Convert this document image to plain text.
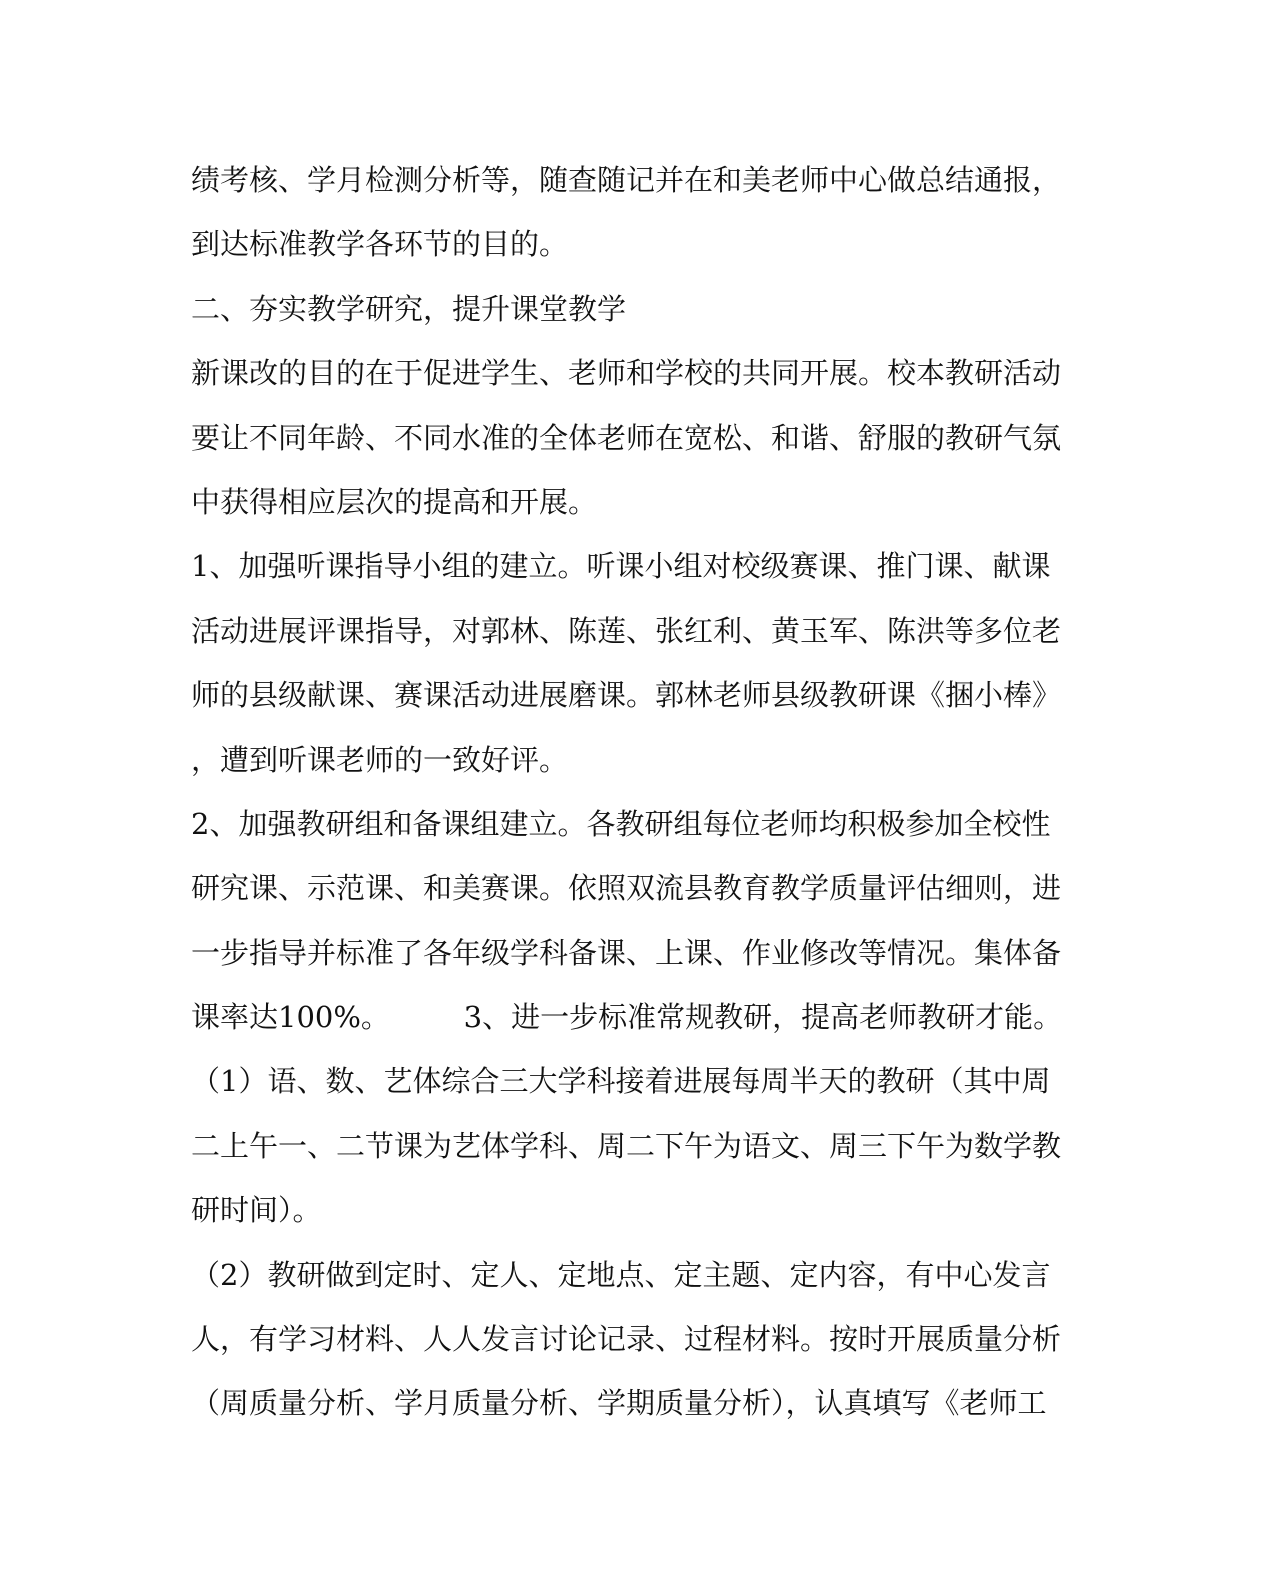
绩考核、学月检测分析等，随查随记并在和美老师中心做总结通报，
到达标准教学各环节的目的。
二、夯实教学研究，提升课堂教学
新课改的目的在于促进学生、老师和学校的共同开展。校本教研活动
要让不同年龄、不同水准的全体老师在宽松、和谐、舒服的教研气氛
中获得相应层次的提高和开展。
1、加强听课指导小组的建立。听课小组对校级赛课、推门课、献课
活动进展评课指导，对郭林、陈莲、张红利、黄玉军、陈洪等多位老
师的县级献课、赛课活动进展磨课。郭林老师县级教研课《捆小棒》
，遭到听课老师的一致好评。
2、加强教研组和备课组建立。各教研组每位老师均积极参加全校性
研究课、示范课、和美赛课。依照双流县教育教学质量评估细则，进
一步指导并标准了各年级学科备课、上课、作业修改等情况。集体备
课率达100%。        3、进一步标准常规教研，提高老师教研才能。
（1）语、数、艺体综合三大学科接着进展每周半天的教研（其中周
二上午一、二节课为艺体学科、周二下午为语文、周三下午为数学教
研时间）。
（2）教研做到定时、定人、定地点、定主题、定内容，有中心发言
人，有学习材料、人人发言讨论记录、过程材料。按时开展质量分析
（周质量分析、学月质量分析、学期质量分析），认真填写《老师工
